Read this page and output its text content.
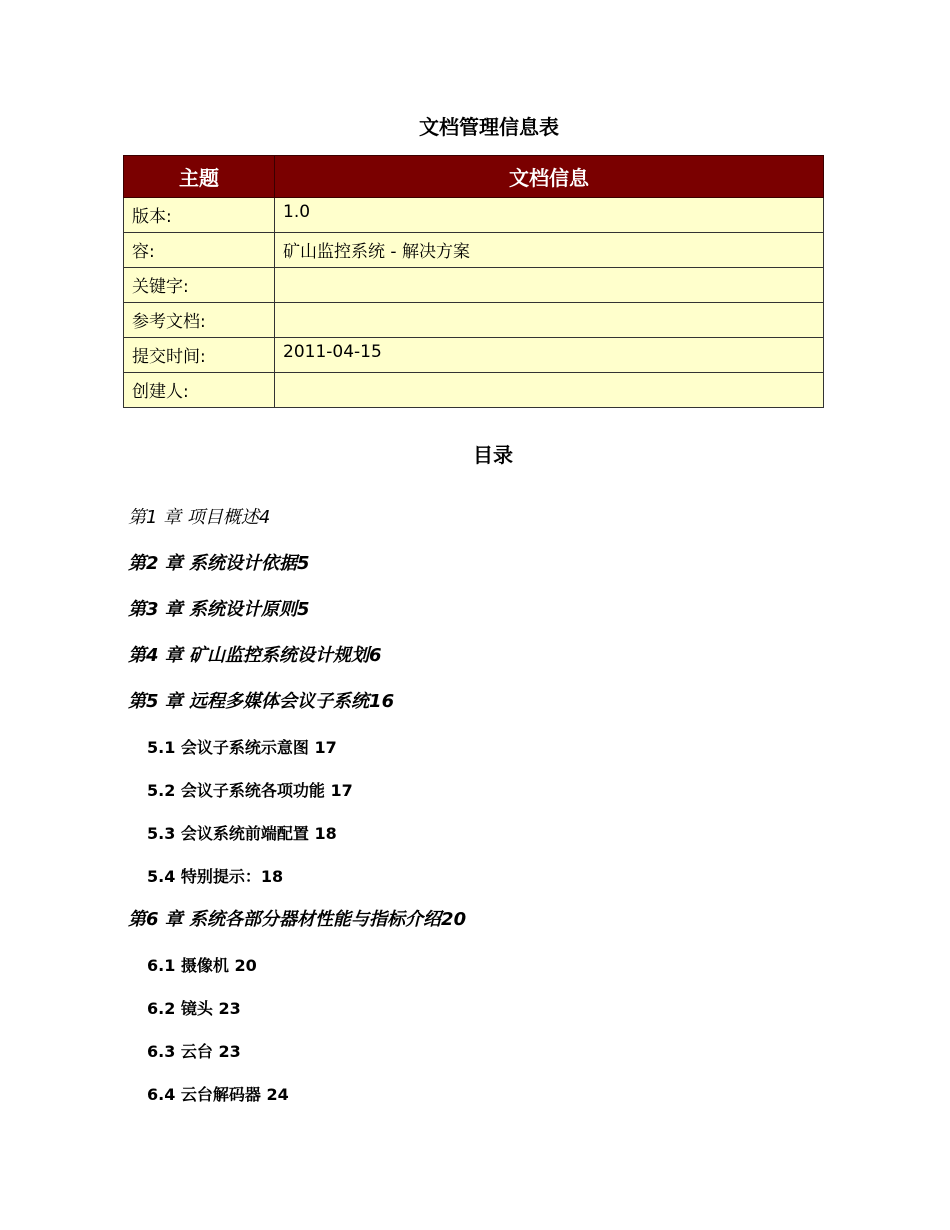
文档管理信息表
主题	文档信息
版本:	1.0
容:	矿山监控系统 - 解决方案
关键字:	
参考文档:	
提交时间:	2011-04-15
创建人:	
目录
第1 章 项目概述4
第2 章 系统设计依据5
第3 章 系统设计原则5
第4 章 矿山监控系统设计规划6
第5 章 远程多媒体会议子系统16
5.1 会议子系统示意图 17
5.2 会议子系统各项功能 17
5.3 会议系统前端配置 18
5.4 特别提示：18
第6 章 系统各部分器材性能与指标介绍20
6.1 摄像机 20
6.2 镜头 23
6.3 云台 23
6.4 云台解码器 24
